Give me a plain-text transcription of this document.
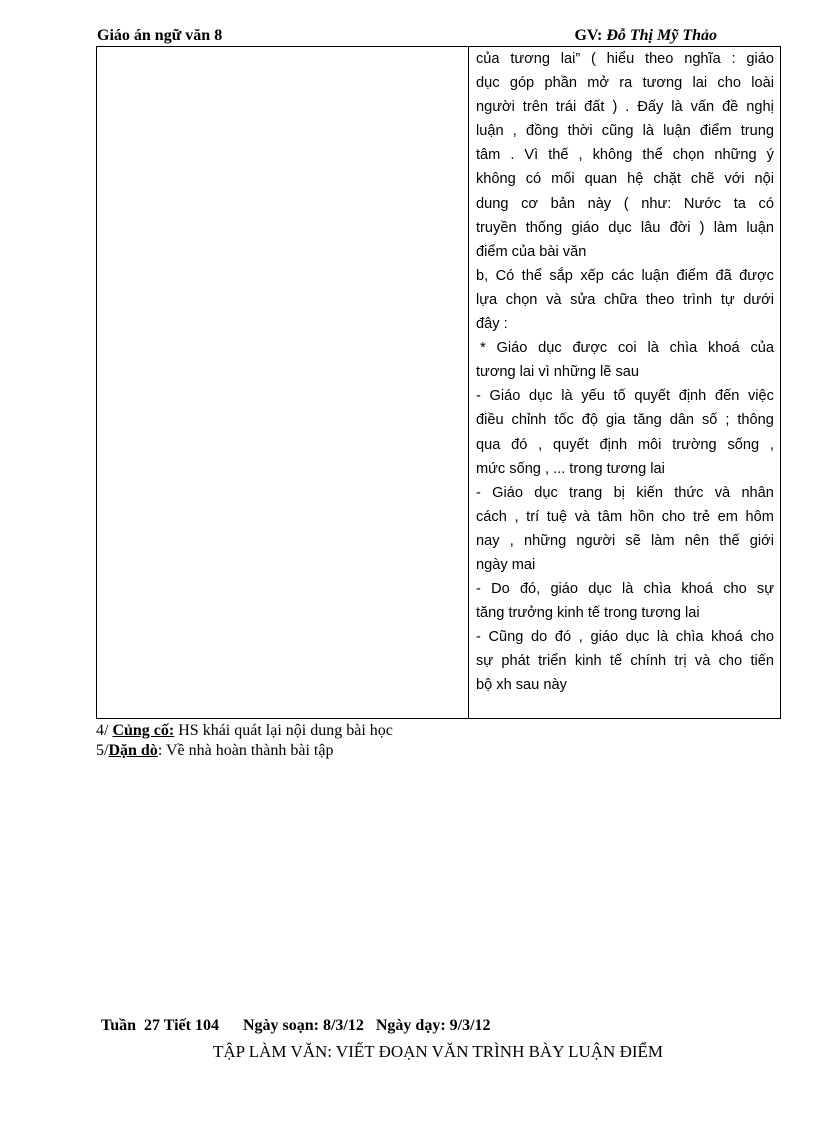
Giáo án ngữ văn 8	GV: Đỗ Thị Mỹ Thảo
của tương lai” ( hiểu theo nghĩa : giáo
dục góp phần mở ra tương lai cho loài
người trên trái đất ) . Đấy là vấn đề nghị
luận , đồng thời cũng là luận điểm trung
tâm . Vì thế , không thể chọn những ý
không có mối quan hệ chặt chẽ với nội
dung cơ bản này ( như: Nước ta có
truyền thống giáo dục lâu đời ) làm luận
điểm của bài văn
b, Có thể sắp xếp các luận điểm đã được
lựa chọn và sửa chữa theo trình tự dưới
đây :
* Giáo dục được coi là chìa khoá của
tương lai vì những lẽ sau
- Giáo dục là yếu tố quyết định đến việc
điều chỉnh tốc độ gia tăng dân số ; thông
qua đó , quyết định môi trường sống ,
mức sống , ... trong tương lai
- Giáo dục trang bị kiến thức và nhân
cách , trí tuệ và tâm hồn cho trẻ em hôm
nay , những người sẽ làm nên thế giới
ngày mai
- Do đó, giáo dục là chìa khoá cho sự
tăng trưởng kinh tế trong tương lai
- Cũng do đó , giáo dục là chìa khoá cho
sự phát triển kinh tế chính trị và cho tiến
bộ xh sau này
4/ Củng cố: HS khái quát lại nội dung bài học
5/Dặn dò: Về nhà hoàn thành bài tập
Tuần  27 Tiết 104      Ngày soạn: 8/3/12   Ngày dạy: 9/3/12
TẬP LÀM VĂN: VIẾT ĐOẠN VĂN TRÌNH BÀY LUẬN ĐIỂM
